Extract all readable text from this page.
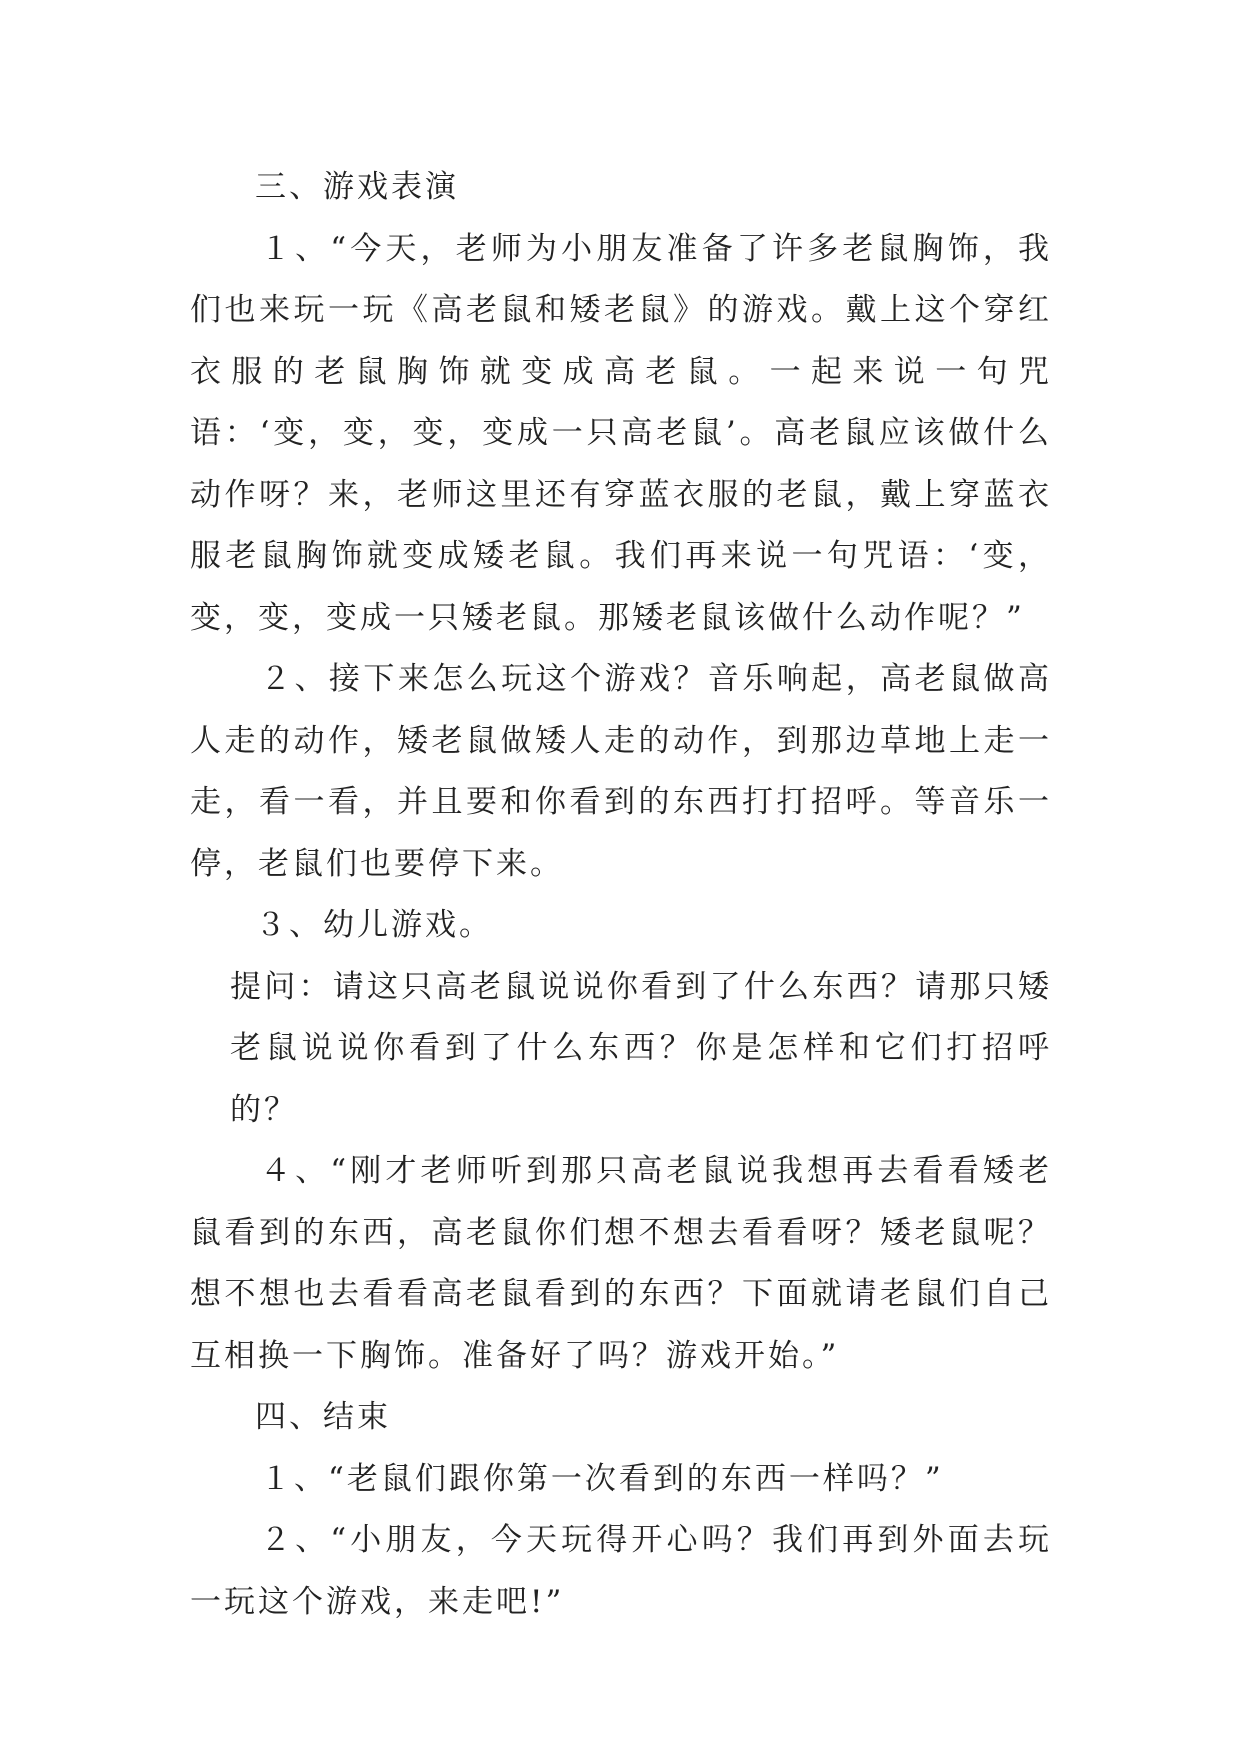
三、游戏表演

１、“今天，老师为小朋友准备了许多老鼠胸饰，我们也来玩一玩《高老鼠和矮老鼠》的游戏。戴上这个穿红衣服的老鼠胸饰就变成高老鼠。一起来说一句咒语：‘变，变，变，变成一只高老鼠’。高老鼠应该做什么动作呀？来，老师这里还有穿蓝衣服的老鼠，戴上穿蓝衣服老鼠胸饰就变成矮老鼠。我们再来说一句咒语：‘变，变，变，变成一只矮老鼠。那矮老鼠该做什么动作呢？”

２、接下来怎么玩这个游戏？音乐响起，高老鼠做高人走的动作，矮老鼠做矮人走的动作，到那边草地上走一走，看一看，并且要和你看到的东西打打招呼。等音乐一停，老鼠们也要停下来。

３、幼儿游戏。

提问：请这只高老鼠说说你看到了什么东西？请那只矮老鼠说说你看到了什么东西？你是怎样和它们打招呼的？

４、“刚才老师听到那只高老鼠说我想再去看看矮老鼠看到的东西，高老鼠你们想不想去看看呀？矮老鼠呢？想不想也去看看高老鼠看到的东西？下面就请老鼠们自己互相换一下胸饰。准备好了吗？游戏开始。”

四、结束

１、“老鼠们跟你第一次看到的东西一样吗？”

２、“小朋友，今天玩得开心吗？我们再到外面去玩一玩这个游戏，来走吧!”
